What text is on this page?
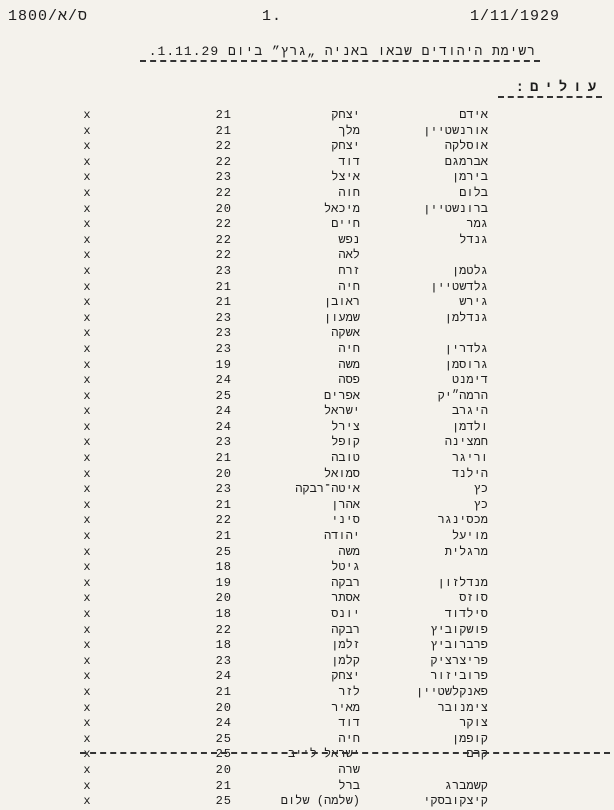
ס/א/1800	1.	1/11/1929
רשימת היהודים שבאו באניה „גרץ” ביום 1.11.29.
עולים:
x	21	יצחק	אידם
x	21	מלך	אורנשטיין
x	22	יצחק	אוסלקה
x	22	דוד	אברמגם
x	23	איצל	בירמן
x	22	חוה	בלום
x	20	מיכאל	ברונשטיין
x	22	חיים	גמר
x	22	נפש	גנדל
x	22	לאה
x	23	זרח	גלטמן
x	21	חיה	גלדשטיין
x	21	ראובן	גירש
x	23	שמעון	גנדלמן
x	23	אשקה
x	23	חיה	גלדרין
x	19	משה	גרוסמן
x	24	פסה	דימנט
x	25	אפרים	הרמה״יק
x	24	ישראל	היגרב
x	24	צירל	ולדמן
x	23	קופל	חמצינה
x	21	טובה	וריגר
x	20	סמואל	הילנד
x	23	איטה־רבקה	כץ
x	21	אהרן	כץ
x	22	סיני	מכסינגר
x	21	יהודה	מויעל
x	25	משה	מרגלית
x	18	גיטל
x	19	רבקה	מנדלזון
x	20	אסתר	סוזס
x	18	יונס	סילדוד
x	22	רבקה	פושקוביץ
x	18	זלמן	פרברוביץ
x	23	קלמן	פריצרציק
x	24	יצחק	פרוביזור
x	21	לזר	פאנקלשטיין
x	20	מאיר	צימנובר
x	24	דוד	צוקר
x	25	חיה	קופמן
x	25	ישראל לייב	קרם
x	20	שרה
x	21	ברל	קשמברג
x	25	(שלמה) שלום	קיצקובסקי
